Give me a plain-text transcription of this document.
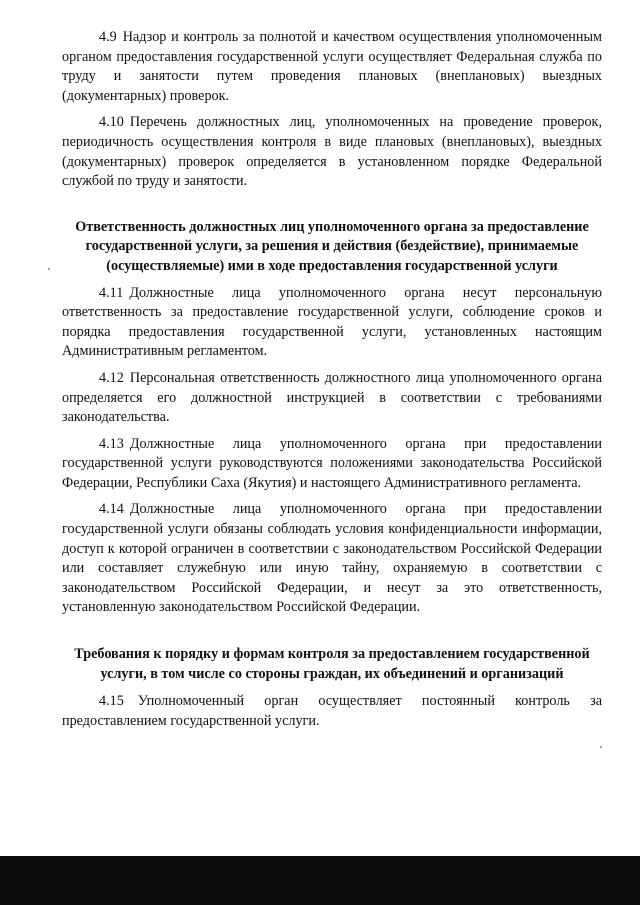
4.9 Надзор и контроль за полнотой и качеством осуществления уполномоченным органом предоставления государственной услуги осуществляет Федеральная служба по труду и занятости путем проведения плановых (внеплановых) выездных (документарных) проверок.

4.10 Перечень должностных лиц, уполномоченных на проведение проверок, периодичность осуществления контроля в виде плановых (внеплановых), выездных (документарных) проверок определяется в установленном порядке Федеральной службой по труду и занятости.

Ответственность должностных лиц уполномоченного органа за предоставление государственной услуги, за решения и действия (бездействие), принимаемые (осуществляемые) ими в ходе предоставления государственной услуги

4.11 Должностные лица уполномоченного органа несут персональную ответственность за предоставление государственной услуги, соблюдение сроков и порядка предоставления государственной услуги, установленных настоящим Административным регламентом.

4.12 Персональная ответственность должностного лица уполномоченного органа определяется его должностной инструкцией в соответствии с требованиями законодательства.

4.13 Должностные лица уполномоченного органа при предоставлении государственной услуги руководствуются положениями законодательства Российской Федерации, Республики Саха (Якутия) и настоящего Административного регламента.

4.14 Должностные лица уполномоченного органа при предоставлении государственной услуги обязаны соблюдать условия конфиденциальности информации, доступ к которой ограничен в соответствии с законодательством Российской Федерации или составляет служебную или иную тайну, охраняемую в соответствии с законодательством Российской Федерации, и несут за это ответственность, установленную законодательством Российской Федерации.

Требования к порядку и формам контроля за предоставлением государственной услуги, в том числе со стороны граждан, их объединений и организаций

4.15 Уполномоченный орган осуществляет постоянный контроль за предоставлением государственной услуги.
